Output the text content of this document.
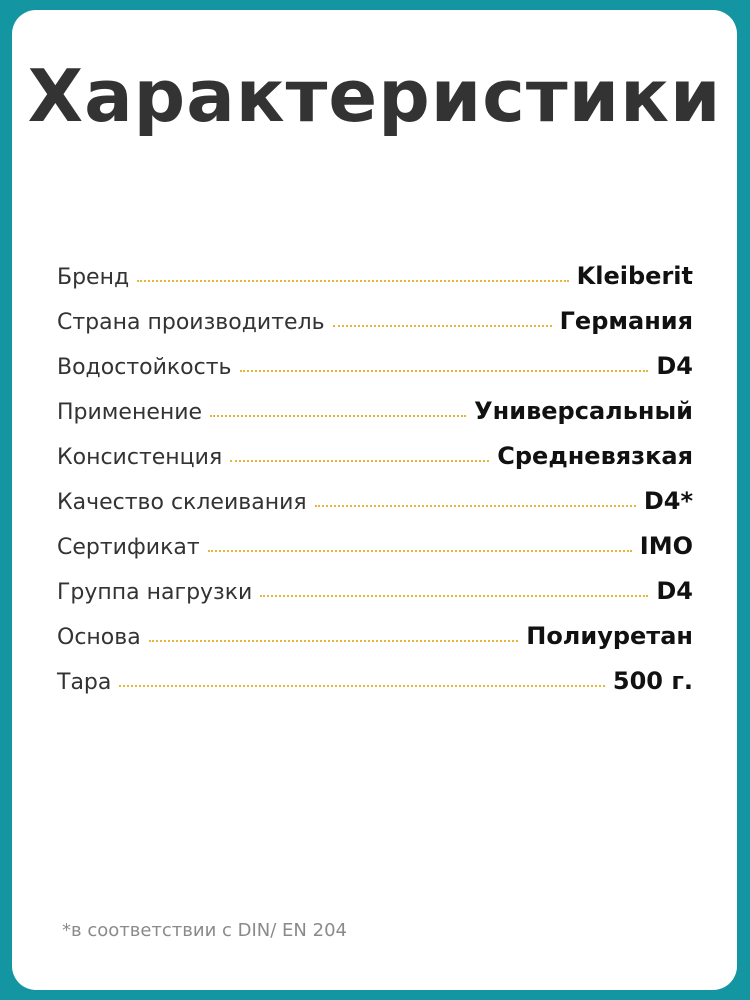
Характеристики
Бренд	Kleiberit
Страна производитель	Германия
Водостойкость	D4
Применение	Универсальный
Консистенция	Средневязкая
Качество склеивания	D4*
Сертификат	IMO
Группа нагрузки	D4
Основа	Полиуретан
Тара	500 г.
*в соответствии с DIN/ EN 204
